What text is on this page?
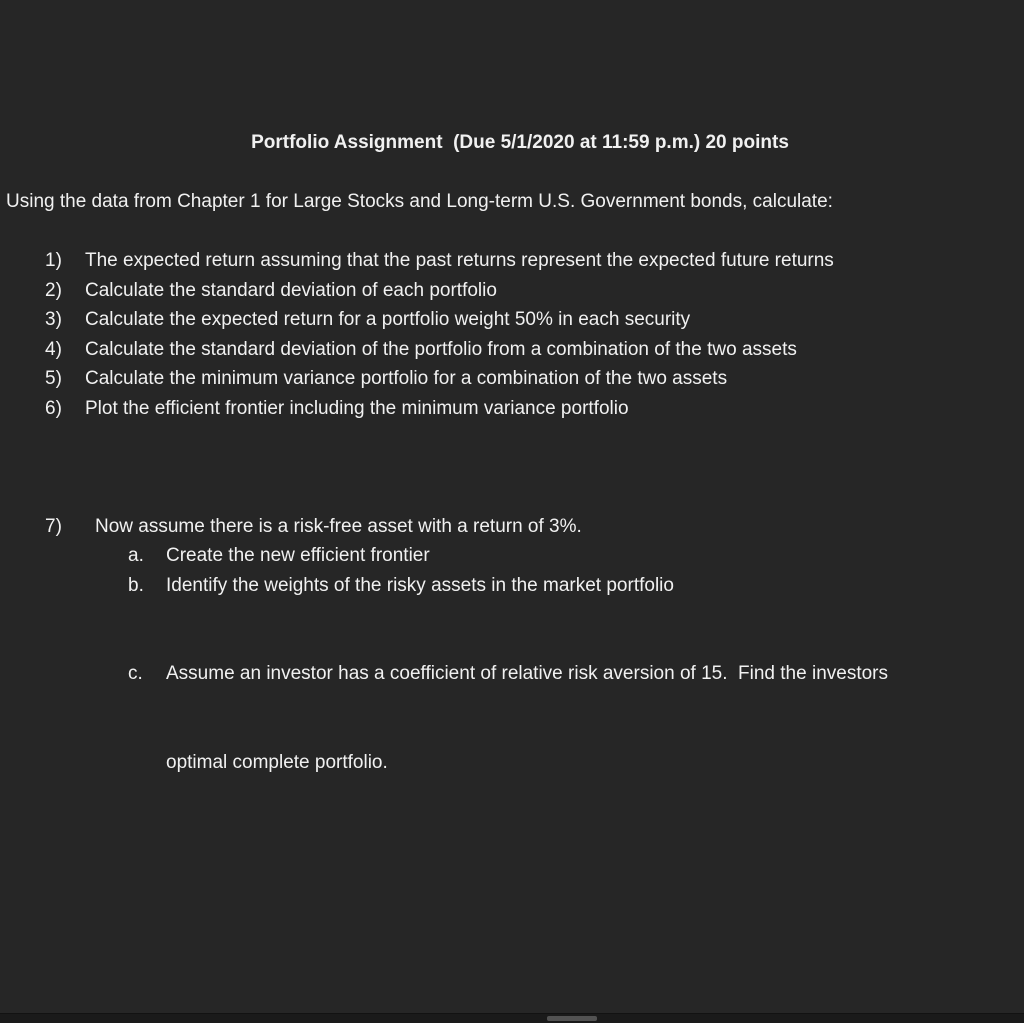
Portfolio Assignment  (Due 5/1/2020 at 11:59 p.m.) 20 points
Using the data from Chapter 1 for Large Stocks and Long-term U.S. Government bonds, calculate:
1) The expected return assuming that the past returns represent the expected future returns
2) Calculate the standard deviation of each portfolio
3) Calculate the expected return for a portfolio weight 50% in each security
4) Calculate the standard deviation of the portfolio from a combination of the two assets
5) Calculate the minimum variance portfolio for a combination of the two assets
6) Plot the efficient frontier including the minimum variance portfolio
7) Now assume there is a risk-free asset with a return of 3%.
a. Create the new efficient frontier
b. Identify the weights of the risky assets in the market portfolio

c. Assume an investor has a coefficient of relative risk aversion of 15.  Find the investors

optimal complete portfolio.
